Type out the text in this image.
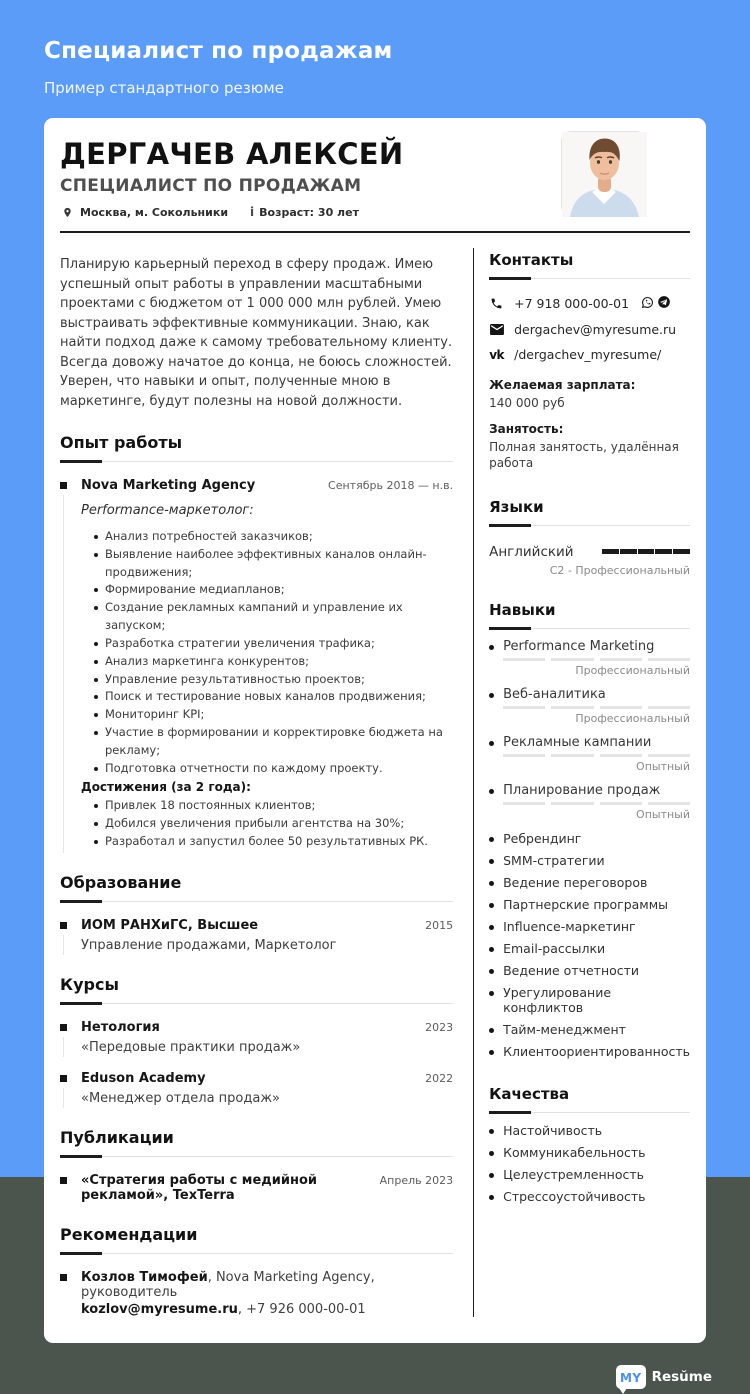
Специалист по продажам
Пример стандартного резюме
ДЕРГАЧЕВ АЛЕКСЕЙ
СПЕЦИАЛИСТ ПО ПРОДАЖАМ
Москва, м. Сокольники i Возраст: 30 лет
Планирую карьерный переход в сферу продаж. Имею успешный опыт работы в управлении масштабными проектами с бюджетом от 1 000 000 млн рублей. Умею выстраивать эффективные коммуникации. Знаю, как найти подход даже к самому требовательному клиенту. Всегда довожу начатое до конца, не боюсь сложностей. Уверен, что навыки и опыт, полученные мною в маркетинге, будут полезны на новой должности.
Опыт работы
Nova Marketing Agency	Сентябрь 2018 — н.в.
Performance-маркетолог:
Анализ потребностей заказчиков;
Выявление наиболее эффективных каналов онлайн-продвижения;
Формирование медиапланов;
Создание рекламных кампаний и управление их запуском;
Разработка стратегии увеличения трафика;
Анализ маркетинга конкурентов;
Управление результативностью проектов;
Поиск и тестирование новых каналов продвижения;
Мониторинг KPI;
Участие в формировании и корректировке бюджета на рекламу;
Подготовка отчетности по каждому проекту.
Достижения (за 2 года):
Привлек 18 постоянных клиентов;
Добился увеличения прибыли агентства на 30%;
Разработал и запустил более 50 результативных РК.
Образование
ИОМ РАНХиГС, Высшее	2015
Управление продажами, Маркетолог
Курсы
Нетология	2023
«Передовые практики продаж»
Eduson Academy	2022
«Менеджер отдела продаж»
Публикации
«Стратегия работы с медийной рекламой», TexTerra
Апрель 2023
Рекомендации
Козлов Тимофей, Nova Marketing Agency, руководитель
kozlov@myresume.ru, +7 926 000-00-01
Контакты
+7 918 000-00-01
dergachev@myresume.ru
vk /dergachev_myresume/
Желаемая зарплата:
140 000 руб
Занятость:
Полная занятость, удалённая работа
Языки
Английский
C2 - Профессиональный
Навыки
Performance Marketing
Профессиональный
Веб-аналитика
Профессиональный
Рекламные кампании
Опытный
Планирование продаж
Опытный
Ребрендинг
SMM-стратегии
Ведение переговоров
Партнерские программы
Influence-маркетинг
Email-рассылки
Ведение отчетности
Урегулирование конфликтов
Тайм-менеджмент
Клиентоориентированность
Качества
Настойчивость
Коммуникабельность
Целеустремленность
Стрессоустойчивость
MY Resŭme
